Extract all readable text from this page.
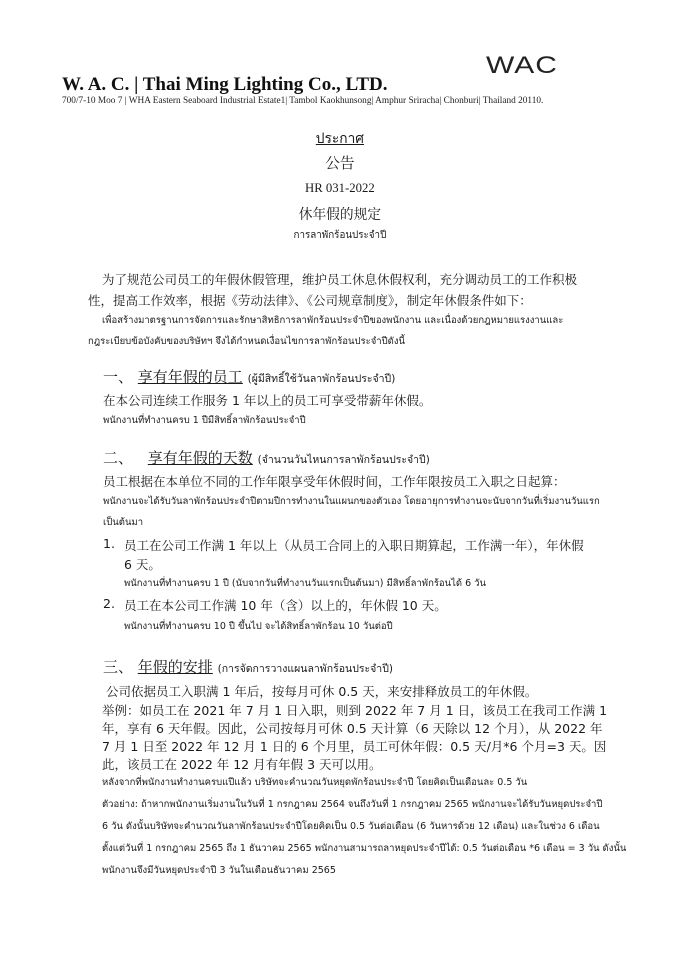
WAC
W. A. C. | Thai Ming Lighting Co., LTD.
700/7-10 Moo 7 | WHA Eastern Seaboard Industrial Estate1| Tambol Kaokhunsong| Amphur Sriracha| Chonburi| Thailand 20110.
ประกาศ
公告
HR 031-2022
休年假的规定
การลาพักร้อนประจำปี
为了规范公司员工的年假休假管理，维护员工休息休假权利，充分调动员工的工作积极
性，提高工作效率，根据《劳动法律》、《公司规章制度》，制定年休假条件如下：
เพื่อสร้างมาตรฐานการจัดการและรักษาสิทธิการลาพักร้อนประจำปีของพนักงาน และเนื่องด้วยกฎหมายแรงงานและ
กฎระเบียบข้อบังคับของบริษัทฯ จึงได้กำหนดเงื่อนไขการลาพักร้อนประจำปีดังนี้
一、 享有年假的员工 (ผู้มีสิทธิ์ใช้วันลาพักร้อนประจำปี)
在本公司连续工作服务 1 年以上的员工可享受带薪年休假。
พนักงานที่ทำงานครบ 1 ปีมีสิทธิ์ลาพักร้อนประจำปี
二、 享有年假的天数 (จำนวนวันไหนการลาพักร้อนประจำปี)
员工根据在本单位不同的工作年限享受年休假时间，工作年限按员工入职之日起算：
พนักงานจะได้รับวันลาพักร้อนประจำปีตามปีการทำงานในแผนกของตัวเอง โดยอายุการทำงานจะนับจากวันที่เริ่มงานวันแรก
เป็นต้นมา
1. 员工在公司工作满 1 年以上（从员工合同上的入职日期算起，工作满一年），年休假
6 天。
พนักงานที่ทำงานครบ 1 ปี (นับจากวันที่ทำงานวันแรกเป็นต้นมา) มีสิทธิ์ลาพักร้อนได้ 6 วัน
2. 员工在本公司工作满 10 年（含）以上的，年休假 10 天。
พนักงานที่ทำงานครบ 10 ปี ขึ้นไป จะได้สิทธิ์ลาพักร้อน 10 วันต่อปี
三、 年假的安排 (การจัดการวางแผนลาพักร้อนประจำปี)
公司依据员工入职满 1 年后，按每月可休 0.5 天，来安排释放员工的年休假。
举例：如员工在 2021 年 7 月 1 日入职，则到 2022 年 7 月 1 日，该员工在我司工作满 1
年，享有 6 天年假。因此，公司按每月可休 0.5 天计算（6 天除以 12 个月），从 2022 年
7 月 1 日至 2022 年 12 月 1 日的 6 个月里，员工可休年假：0.5 天/月*6 个月=3 天。因
此，该员工在 2022 年 12 月有年假 3 天可以用。
หลังจากที่พนักงานทำงานครบแปีแล้ว บริษัทจะคำนวณวันหยุดพักร้อนประจำปี โดยคิดเป็นเดือนละ 0.5 วัน
ตัวอย่าง: ถ้าหากพนักงานเริ่มงานในวันที่ 1 กรกฎาคม 2564 จนถึงวันที่ 1 กรกฎาคม 2565 พนักงานจะได้รับวันหยุดประจำปี
6 วัน ดังนั้นบริษัทจะคำนวณวันลาพักร้อนประจำปีโดยคิดเป็น 0.5 วันต่อเดือน (6 วันหารด้วย 12 เดือน) และในช่วง 6 เดือน
ตั้งแต่วันที่ 1 กรกฎาคม 2565 ถึง 1 ธันวาคม 2565 พนักงานสามารถลาหยุดประจำปีได้: 0.5 วันต่อเดือน *6 เดือน = 3 วัน ดังนั้น
พนักงานจึงมีวันหยุดประจำปี 3 วันในเดือนธันวาคม 2565
